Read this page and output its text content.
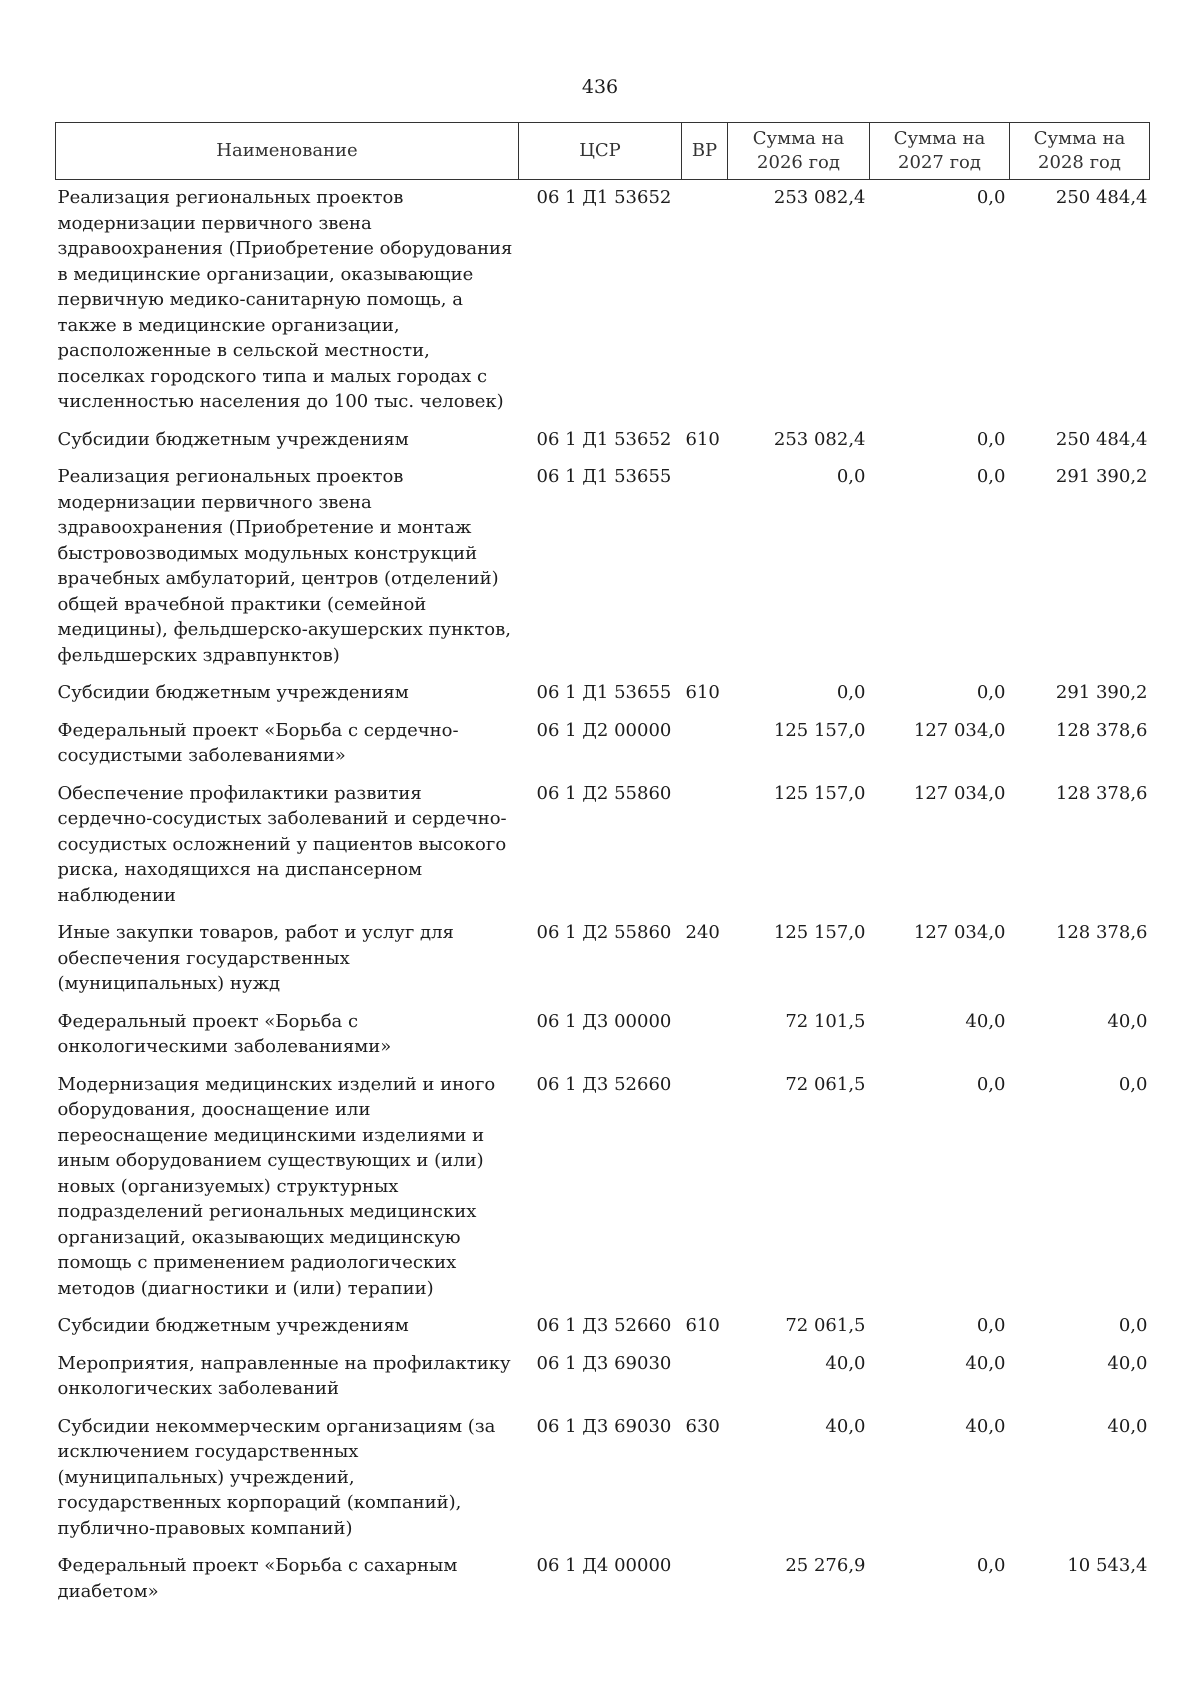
436
Наименование	ЦСР	ВР	Сумма на 2026 год	Сумма на 2027 год	Сумма на 2028 год
Реализация региональных проектов модернизации первичного звена здравоохранения (Приобретение оборудования в медицинские организации, оказывающие первичную медико-санитарную помощь, а также в медицинские организации, расположенные в сельской местности, поселках городского типа и малых городах с численностью населения до 100 тыс. человек)	06 1 Д1 53652		253 082,4	0,0	250 484,4
Субсидии бюджетным учреждениям	06 1 Д1 53652	610	253 082,4	0,0	250 484,4
Реализация региональных проектов модернизации первичного звена здравоохранения (Приобретение и монтаж быстровозводимых модульных конструкций врачебных амбулаторий, центров (отделений) общей врачебной практики (семейной медицины), фельдшерско-акушерских пунктов, фельдшерских здравпунктов)	06 1 Д1 53655		0,0	0,0	291 390,2
Субсидии бюджетным учреждениям	06 1 Д1 53655	610	0,0	0,0	291 390,2
Федеральный проект «Борьба с сердечно-сосудистыми заболеваниями»	06 1 Д2 00000		125 157,0	127 034,0	128 378,6
Обеспечение профилактики развития сердечно-сосудистых заболеваний и сердечно-сосудистых осложнений у пациентов высокого риска, находящихся на диспансерном наблюдении	06 1 Д2 55860		125 157,0	127 034,0	128 378,6
Иные закупки товаров, работ и услуг для обеспечения государственных (муниципальных) нужд	06 1 Д2 55860	240	125 157,0	127 034,0	128 378,6
Федеральный проект «Борьба с онкологическими заболеваниями»	06 1 Д3 00000		72 101,5	40,0	40,0
Модернизация медицинских изделий и иного оборудования, дооснащение или переоснащение медицинскими изделиями и иным оборудованием существующих и (или) новых (организуемых) структурных подразделений региональных медицинских организаций, оказывающих медицинскую помощь с применением радиологических методов (диагностики и (или) терапии)	06 1 Д3 52660		72 061,5	0,0	0,0
Субсидии бюджетным учреждениям	06 1 Д3 52660	610	72 061,5	0,0	0,0
Мероприятия, направленные на профилактику онкологических заболеваний	06 1 Д3 69030		40,0	40,0	40,0
Субсидии некоммерческим организациям (за исключением государственных (муниципальных) учреждений, государственных корпораций (компаний), публично-правовых компаний)	06 1 Д3 69030	630	40,0	40,0	40,0
Федеральный проект «Борьба с сахарным диабетом»	06 1 Д4 00000		25 276,9	0,0	10 543,4
